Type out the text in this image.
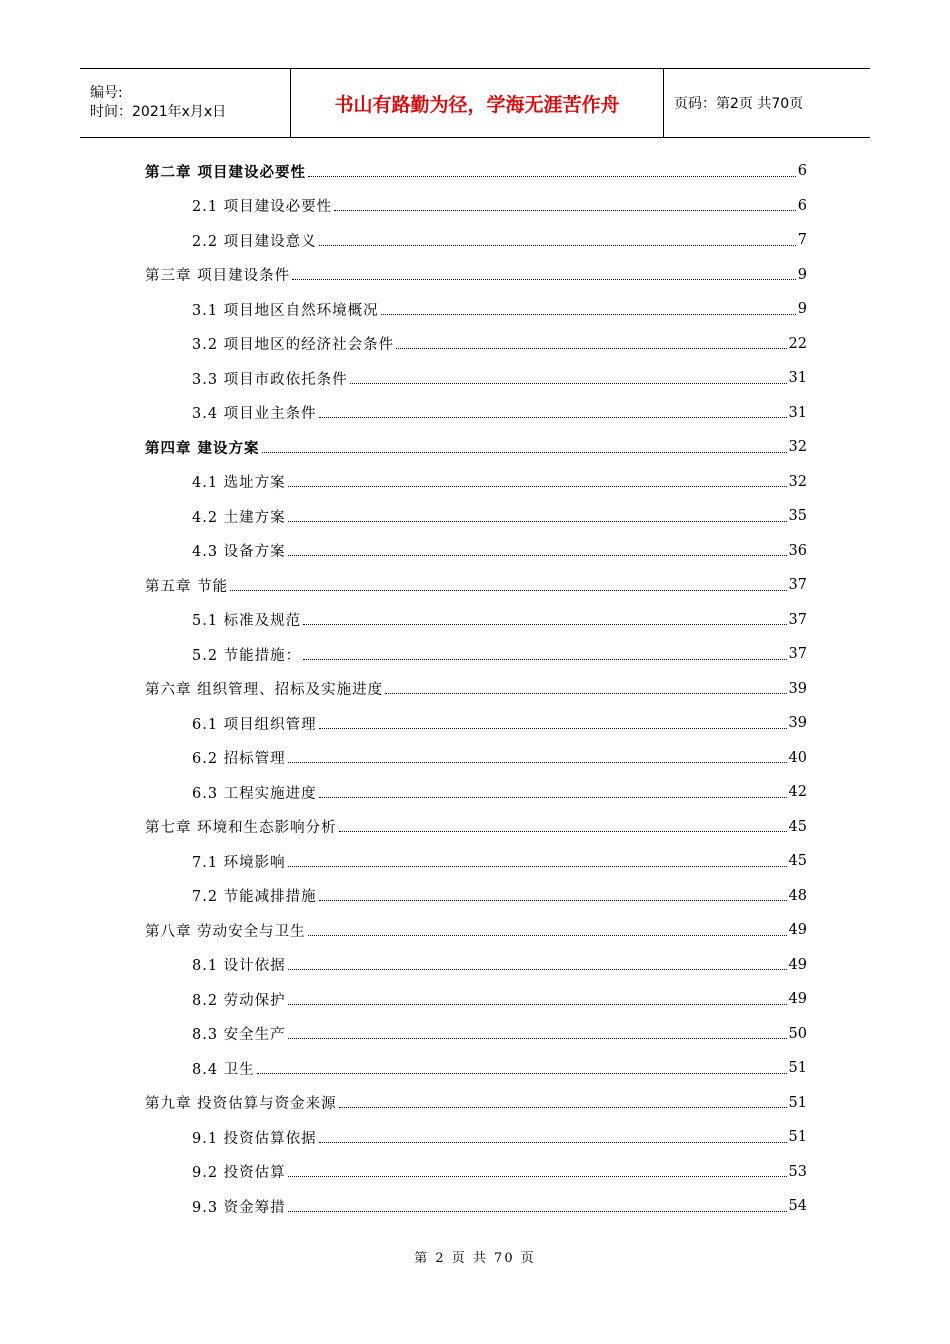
编号:
时间：2021年x月x日	书山有路勤为径，学海无涯苦作舟	页码：第2页 共70页
第二章 项目建设必要性	6
2.1 项目建设必要性	6
2.2 项目建设意义	7
第三章 项目建设条件	9
3.1 项目地区自然环境概况	9
3.2 项目地区的经济社会条件	22
3.3 项目市政依托条件	31
3.4 项目业主条件	31
第四章 建设方案	32
4.1 选址方案	32
4.2 土建方案	35
4.3 设备方案	36
第五章 节能	37
5.1 标准及规范	37
5.2 节能措施：	37
第六章 组织管理、招标及实施进度	39
6.1 项目组织管理	39
6.2 招标管理	40
6.3 工程实施进度	42
第七章 环境和生态影响分析	45
7.1 环境影响	45
7.2 节能减排措施	48
第八章 劳动安全与卫生	49
8.1 设计依据	49
8.2 劳动保护	49
8.3 安全生产	50
8.4 卫生	51
第九章 投资估算与资金来源	51
9.1 投资估算依据	51
9.2 投资估算	53
9.3 资金筹措	54
第 2 页 共 70 页
